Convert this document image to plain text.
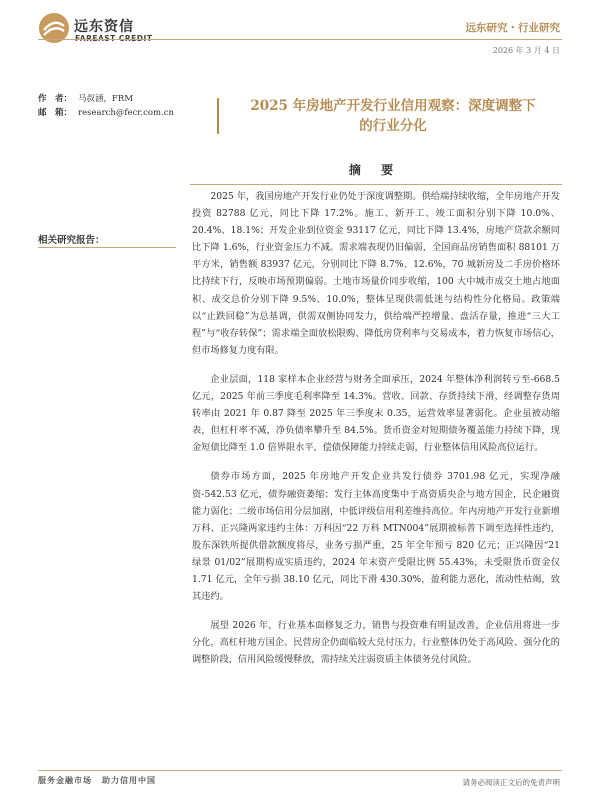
远东资信
FAREAST CREDIT
远东研究・行业研究
2026 年 3 月 4 日
作　者： 马叔涵，FRM
邮　箱： research@fecr.com.cn	2025 年房地产开发行业信用观察：深度调整下
的行业分化
摘 要
相关研究报告：

2025 年，我国房地产开发行业仍处于深度调整期。供给端持续收缩，全年房地产开发投资 82788 亿元，同比下降 17.2%。施工、新开工、竣工面积分别下降 10.0%、20.4%、18.1%；开发企业到位资金 93117 亿元，同比下降 13.4%，房地产贷款余额同比下降 1.6%，行业资金压力不减。需求端表现仍旧偏弱，全国商品房销售面积 88101 万平方米，销售额 83937 亿元，分别同比下降 8.7%、12.6%，70 城新房及二手房价格环比持续下行，反映市场预期偏弱。土地市场量价同步收缩，100 大中城市成交土地占地面积、成交总价分别下降 9.5%、10.0%，整体呈现供需低迷与结构性分化格局。政策端以“止跌回稳”为总基调，供需双侧协同发力，供给端严控增量、盘活存量，推进“三大工程”与“收存转保”；需求端全面放松限购、降低房贷利率与交易成本，着力恢复市场信心，但市场修复力度有限。

企业层面，118 家样本企业经营与财务全面承压，2024 年整体净利润转亏至-668.5 亿元，2025 年前三季度毛利率降至 14.3%。营收、回款、存货持续下滑，经调整存货周转率由 2021 年 0.87 降至 2025 年三季度末 0.35，运营效率显著弱化。企业虽被动缩表，但杠杆率不减，净负债率攀升至 84.5%。货币资金对短期债务覆盖能力持续下降，现金短债比降至 1.0 倍界限水平，偿债保障能力持续走弱，行业整体信用风险高位运行。

债券市场方面，2025 年房地产开发企业共发行债券 3701.98 亿元，实现净融资-542.53 亿元，债券融资萎缩；发行主体高度集中于高资质央企与地方国企，民企融资能力弱化；二级市场信用分层加剧，中低评级信用利差维持高位。年内房地产开发行业新增万科、正兴隆两家违约主体：万科因“22 万科 MTN004”展期被标普下调至选择性违约，股东深铁所提供借款额度将尽，业务亏损严重，25 年全年预亏 820 亿元；正兴隆因“21 绿景 01/02”展期构成实质违约，2024 年末资产受限比例 55.43%，未受限货币资金仅 1.71 亿元，全年亏损 38.10 亿元，同比下滑 430.30%，盈利能力恶化，流动性枯竭，致其违约。

展望 2026 年，行业基本面修复乏力，销售与投资难有明显改善，企业信用将进一步分化，高杠杆地方国企、民营房企仍面临较大兑付压力，行业整体仍处于高风险、强分化的调整阶段，信用风险缓慢释放，需持续关注弱资质主体债务兑付风险。

服务金融市场 助力信用中国	请务必阅读正文后的免责声明
